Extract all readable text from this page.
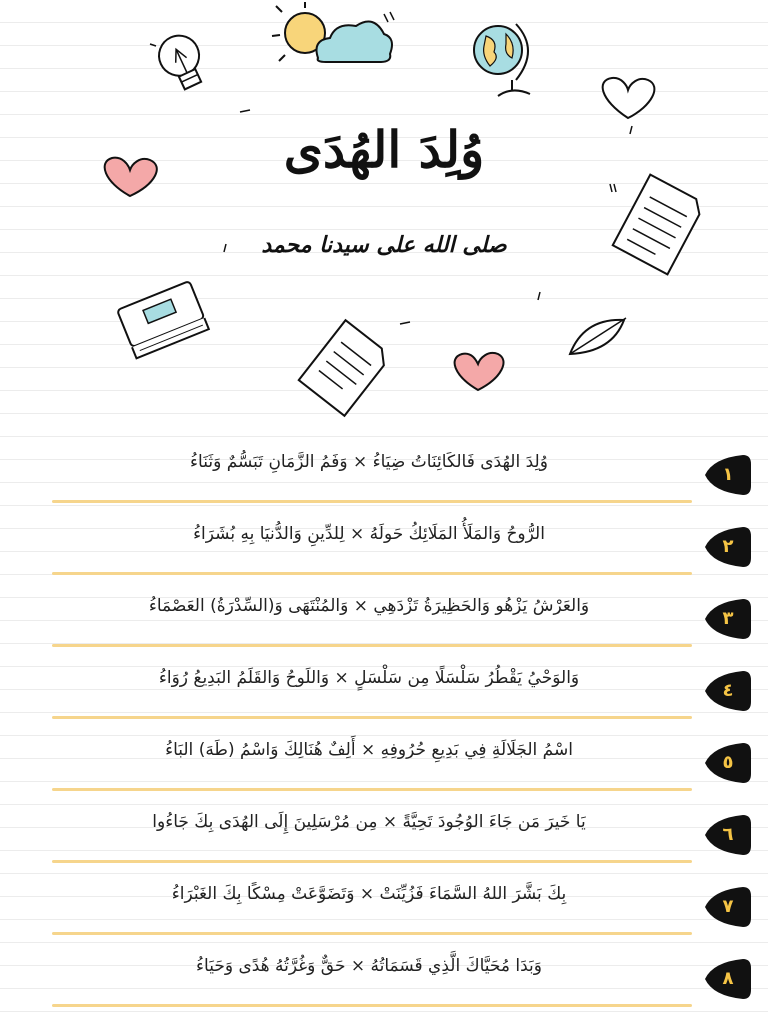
وُلِدَ الهُدَى
صلى الله على سيدنا محمد
وُلِدَ الهُدَى فَالكَائِنَاتُ ضِيَاءُ × وَفَمُ الزَّمَانِ تَبَسُّمٌ وَثَنَاءُ
١
الرُّوحُ وَالمَلَأُ المَلَائِكُ حَولَهُ × لِلدِّينِ وَالدُّنيَا بِهِ بُشَرَاءُ
٢
وَالعَرْشُ يَزْهُو وَالحَظِيرَةُ تَزْدَهِي × وَالمُنْتَهَى وَ(السِّدْرَةُ) العَصْمَاءُ
٣
وَالوَحْيُ يَقْطُرُ سَلْسَلًا مِن سَلْسَلٍ × وَاللَوحُ وَالقَلَمُ البَدِيعُ رُوَاءُ
٤
اسْمُ الجَلَالَةِ فِي بَدِيعِ حُرُوفِهِ × أَلِفٌ هُنَالِكَ وَاسْمُ (طَهَ) البَاءُ
٥
يَا خَيرَ مَن جَاءَ الوُجُودَ تَحِيَّةً × مِن مُرْسَلِينَ إِلَى الهُدَى بِكَ جَاءُوا
٦
بِكَ بَشَّرَ اللهُ السَّمَاءَ فَزُيِّنَتْ × وَتَضَوَّعَتْ مِسْكًا بِكَ الغَبْرَاءُ
٧
وَبَدَا مُحَيَّاكَ الَّذِي قَسَمَاتُهُ × حَقٌّ وَغُرَّتُهُ هُدًى وَحَيَاءُ
٨
